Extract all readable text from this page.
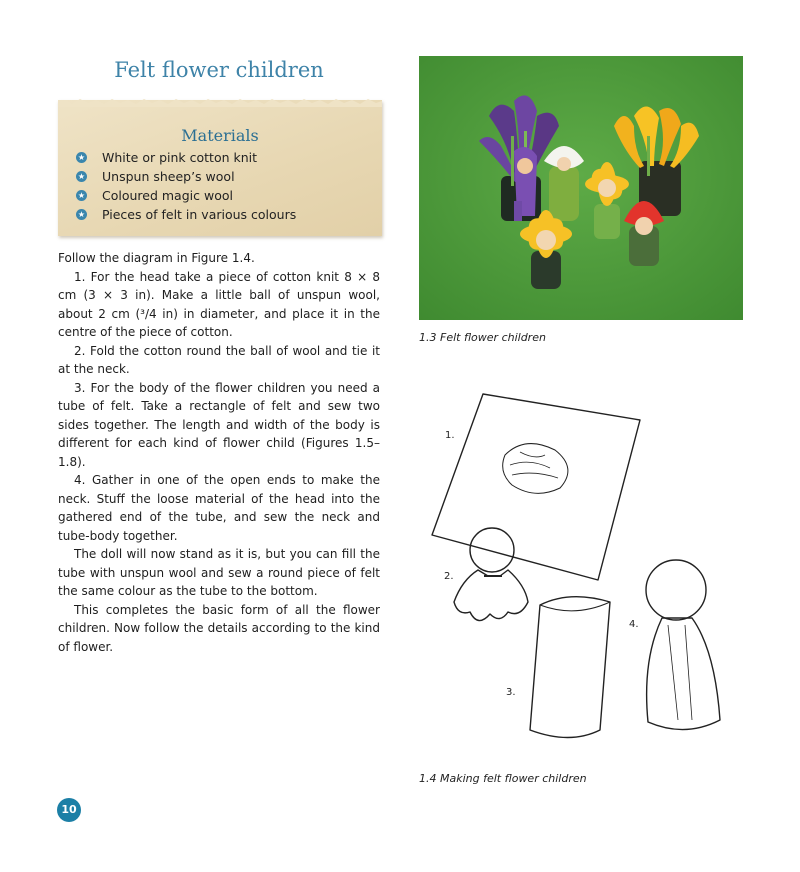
Felt flower children
Materials
★ White or pink cotton knit
★ Unspun sheep’s wool
★ Coloured magic wool
★ Pieces of felt in various colours

Follow the diagram in Figure 1.4.

1. For the head take a piece of cotton knit 8 × 8 cm (3 × 3 in). Make a little ball of unspun wool, about 2 cm (³/4 in) in diameter, and place it in the centre of the piece of cotton.

2. Fold the cotton round the ball of wool and tie it at the neck.

3. For the body of the flower children you need a tube of felt. Take a rectangle of felt and sew two sides together. The length and width of the body is different for each kind of flower child (Figures 1.5–1.8).

4. Gather in one of the open ends to make the neck. Stuff the loose material of the head into the gathered end of the tube, and sew the neck and tube-body together.

The doll will now stand as it is, but you can fill the tube with unspun wool and sew a round piece of felt the same colour as the tube to the bottom.

This completes the basic form of all the flower children. Now follow the details according to the kind of flower.

1.3 Felt flower children
1.
2.
3.
4.
1.4 Making felt flower children
10
